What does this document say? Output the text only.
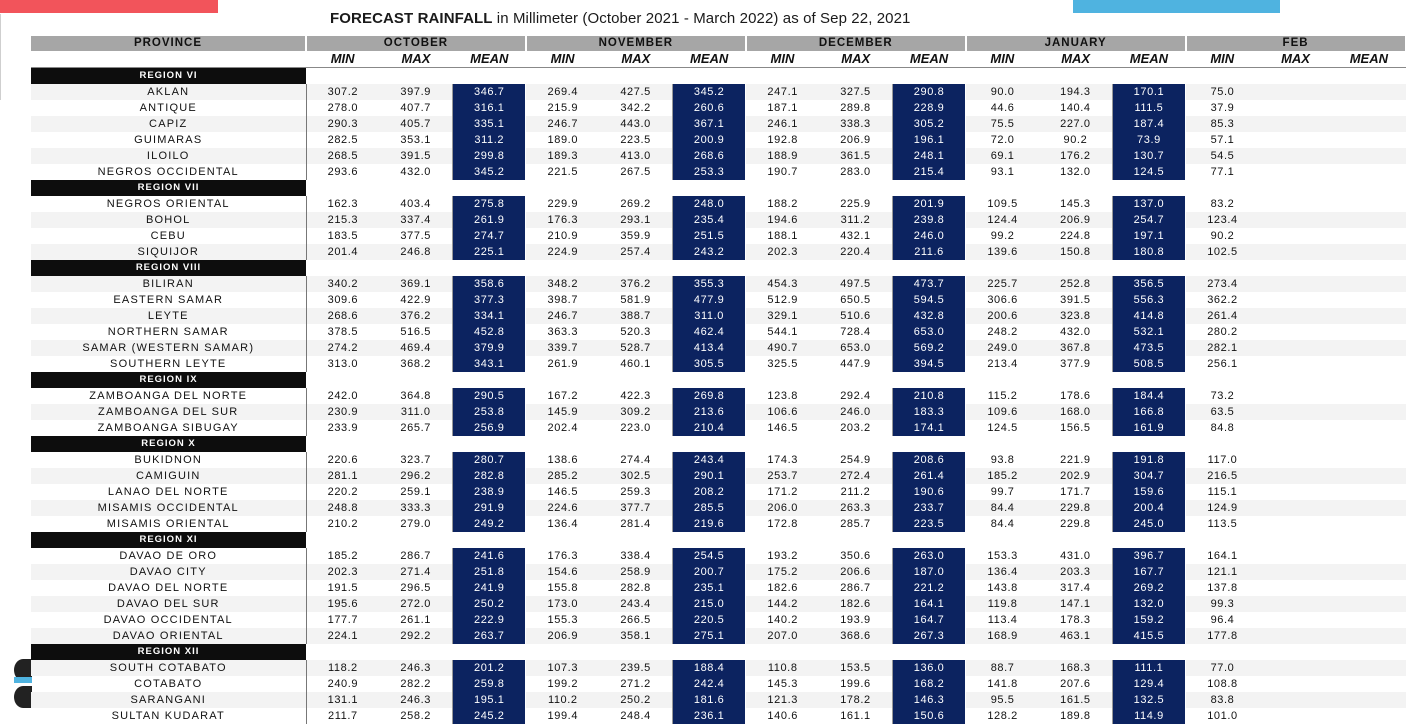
FORECAST RAINFALL in Millimeter (October 2021 - March 2022) as of Sep 22, 2021
PROVINCE	OCTOBER			NOVEMBER			DECEMBER			JANUARY			FEB		
	MIN	MAX	MEAN	MIN	MAX	MEAN	MIN	MAX	MEAN	MIN	MAX	MEAN	MIN	MAX	MEAN
REGION VI															
AKLAN	307.2	397.9	346.7	269.4	427.5	345.2	247.1	327.5	290.8	90.0	194.3	170.1	75.0		
ANTIQUE	278.0	407.7	316.1	215.9	342.2	260.6	187.1	289.8	228.9	44.6	140.4	111.5	37.9		
CAPIZ	290.3	405.7	335.1	246.7	443.0	367.1	246.1	338.3	305.2	75.5	227.0	187.4	85.3		
GUIMARAS	282.5	353.1	311.2	189.0	223.5	200.9	192.8	206.9	196.1	72.0	90.2	73.9	57.1		
ILOILO	268.5	391.5	299.8	189.3	413.0	268.6	188.9	361.5	248.1	69.1	176.2	130.7	54.5		
NEGROS OCCIDENTAL	293.6	432.0	345.2	221.5	267.5	253.3	190.7	283.0	215.4	93.1	132.0	124.5	77.1		
REGION VII															
NEGROS ORIENTAL	162.3	403.4	275.8	229.9	269.2	248.0	188.2	225.9	201.9	109.5	145.3	137.0	83.2		
BOHOL	215.3	337.4	261.9	176.3	293.1	235.4	194.6	311.2	239.8	124.4	206.9	254.7	123.4		
CEBU	183.5	377.5	274.7	210.9	359.9	251.5	188.1	432.1	246.0	99.2	224.8	197.1	90.2		
SIQUIJOR	201.4	246.8	225.1	224.9	257.4	243.2	202.3	220.4	211.6	139.6	150.8	180.8	102.5		
REGION VIII															
BILIRAN	340.2	369.1	358.6	348.2	376.2	355.3	454.3	497.5	473.7	225.7	252.8	356.5	273.4		
EASTERN SAMAR	309.6	422.9	377.3	398.7	581.9	477.9	512.9	650.5	594.5	306.6	391.5	556.3	362.2		
LEYTE	268.6	376.2	334.1	246.7	388.7	311.0	329.1	510.6	432.8	200.6	323.8	414.8	261.4		
NORTHERN SAMAR	378.5	516.5	452.8	363.3	520.3	462.4	544.1	728.4	653.0	248.2	432.0	532.1	280.2		
SAMAR (WESTERN SAMAR)	274.2	469.4	379.9	339.7	528.7	413.4	490.7	653.0	569.2	249.0	367.8	473.5	282.1		
SOUTHERN LEYTE	313.0	368.2	343.1	261.9	460.1	305.5	325.5	447.9	394.5	213.4	377.9	508.5	256.1		
REGION IX															
ZAMBOANGA DEL NORTE	242.0	364.8	290.5	167.2	422.3	269.8	123.8	292.4	210.8	115.2	178.6	184.4	73.2		
ZAMBOANGA DEL SUR	230.9	311.0	253.8	145.9	309.2	213.6	106.6	246.0	183.3	109.6	168.0	166.8	63.5		
ZAMBOANGA SIBUGAY	233.9	265.7	256.9	202.4	223.0	210.4	146.5	203.2	174.1	124.5	156.5	161.9	84.8		
REGION X															
BUKIDNON	220.6	323.7	280.7	138.6	274.4	243.4	174.3	254.9	208.6	93.8	221.9	191.8	117.0		
CAMIGUIN	281.1	296.2	282.8	285.2	302.5	290.1	253.7	272.4	261.4	185.2	202.9	304.7	216.5		
LANAO DEL NORTE	220.2	259.1	238.9	146.5	259.3	208.2	171.2	211.2	190.6	99.7	171.7	159.6	115.1		
MISAMIS OCCIDENTAL	248.8	333.3	291.9	224.6	377.7	285.5	206.0	263.3	233.7	84.4	229.8	200.4	124.9		
MISAMIS ORIENTAL	210.2	279.0	249.2	136.4	281.4	219.6	172.8	285.7	223.5	84.4	229.8	245.0	113.5		
REGION XI															
DAVAO DE ORO	185.2	286.7	241.6	176.3	338.4	254.5	193.2	350.6	263.0	153.3	431.0	396.7	164.1		
DAVAO CITY	202.3	271.4	251.8	154.6	258.9	200.7	175.2	206.6	187.0	136.4	203.3	167.7	121.1		
DAVAO DEL NORTE	191.5	296.5	241.9	155.8	282.8	235.1	182.6	286.7	221.2	143.8	317.4	269.2	137.8		
DAVAO DEL SUR	195.6	272.0	250.2	173.0	243.4	215.0	144.2	182.6	164.1	119.8	147.1	132.0	99.3		
DAVAO OCCIDENTAL	177.7	261.1	222.9	155.3	266.5	220.5	140.2	193.9	164.7	113.4	178.3	159.2	96.4		
DAVAO ORIENTAL	224.1	292.2	263.7	206.9	358.1	275.1	207.0	368.6	267.3	168.9	463.1	415.5	177.8		
REGION XII															
SOUTH COTABATO	118.2	246.3	201.2	107.3	239.5	188.4	110.8	153.5	136.0	88.7	168.3	111.1	77.0		
COTABATO	240.9	282.2	259.8	199.2	271.2	242.4	145.3	199.6	168.2	141.8	207.6	129.4	108.8		
SARANGANI	131.1	246.3	195.1	110.2	250.2	181.6	121.3	178.2	146.3	95.5	161.5	132.5	83.8		
SULTAN KUDARAT	211.7	258.2	245.2	199.4	248.4	236.1	140.6	161.1	150.6	128.2	189.8	114.9	101.0		
